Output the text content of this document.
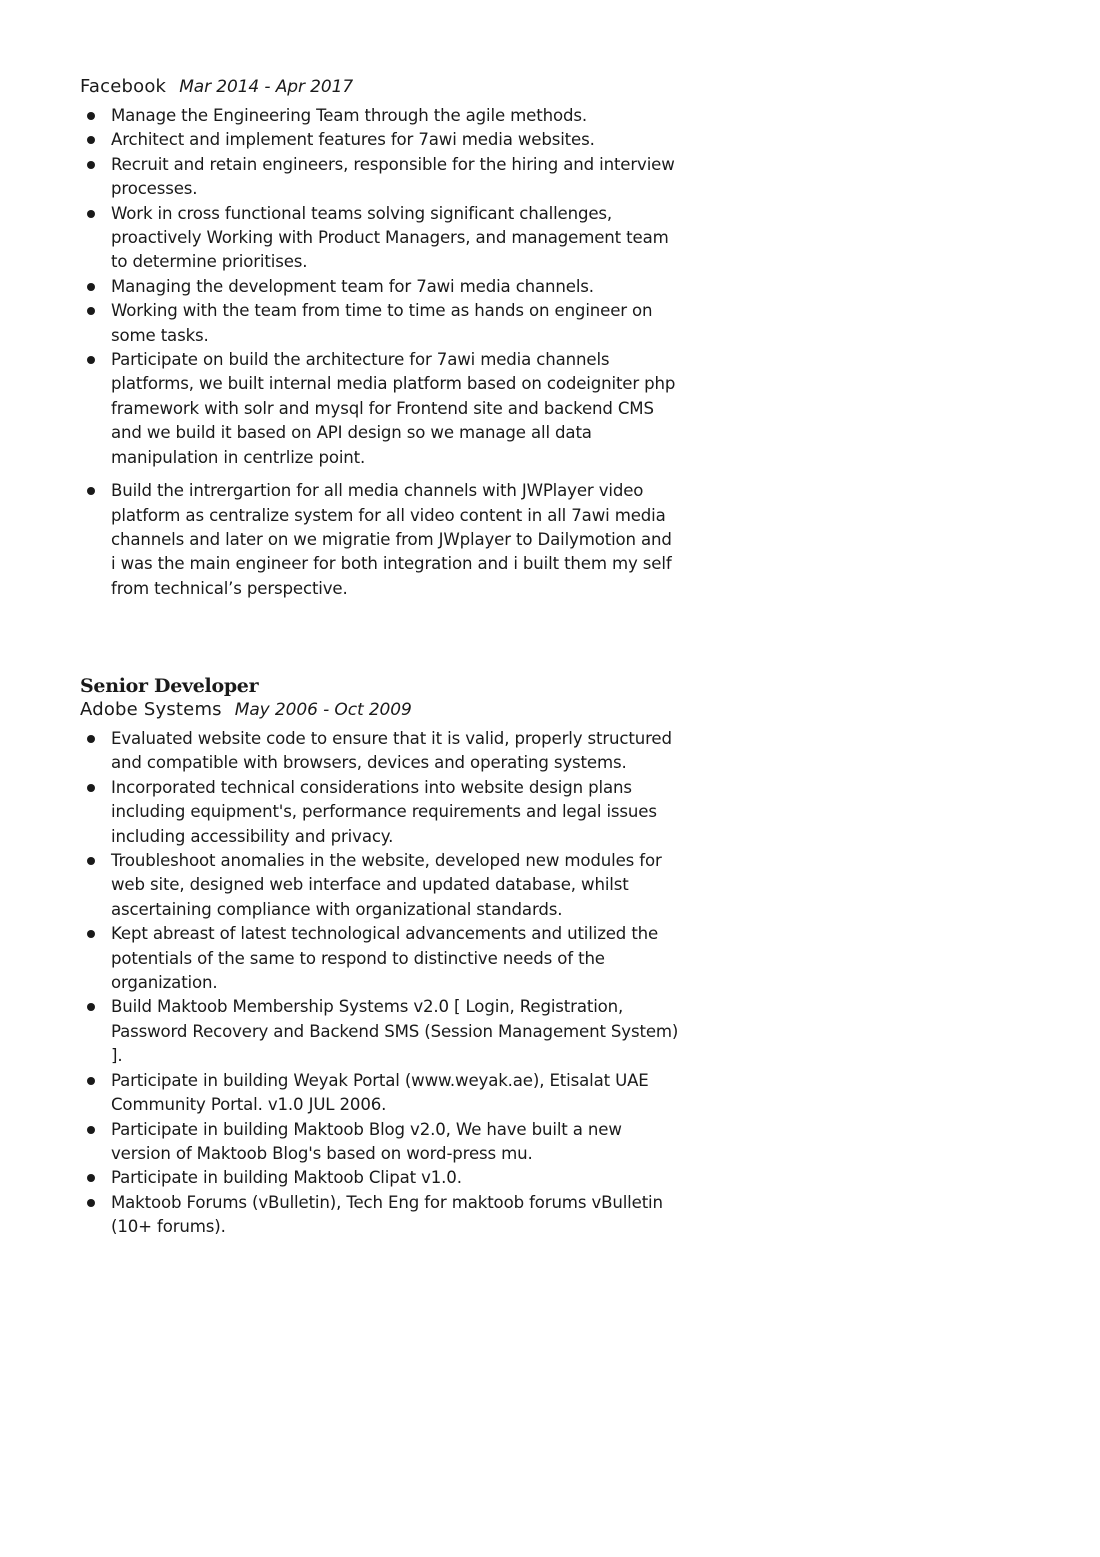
Facebook Mar 2014 - Apr 2017
Manage the Engineering Team through the agile methods.
Architect and implement features for 7awi media websites.
Recruit and retain engineers, responsible for the hiring and interview processes.
Work in cross functional teams solving significant challenges, proactively Working with Product Managers, and management team to determine prioritises.
Managing the development team for 7awi media channels.
Working with the team from time to time as hands on engineer on some tasks.
Participate on build the architecture for 7awi media channels platforms, we built internal media platform based on codeigniter php framework with solr and mysql for Frontend site and backend CMS and we build it based on API design so we manage all data manipulation in centrlize point.
Build the intrergartion for all media channels with JWPlayer video platform as centralize system for all video content in all 7awi media channels and later on we migratie from JWplayer to Dailymotion and i was the main engineer for both integration and i built them my self from technical’s perspective.
Senior Developer
Adobe Systems May 2006 - Oct 2009
Evaluated website code to ensure that it is valid, properly structured and compatible with browsers, devices and operating systems.
Incorporated technical considerations into website design plans including equipment's, performance requirements and legal issues including accessibility and privacy.
Troubleshoot anomalies in the website, developed new modules for web site, designed web interface and updated database, whilst ascertaining compliance with organizational standards.
Kept abreast of latest technological advancements and utilized the potentials of the same to respond to distinctive needs of the organization.
Build Maktoob Membership Systems v2.0 [ Login, Registration, Password Recovery and Backend SMS (Session Management System) ].
Participate in building Weyak Portal (www.weyak.ae), Etisalat UAE Community Portal. v1.0 JUL 2006.
Participate in building Maktoob Blog v2.0, We have built a new version of Maktoob Blog's based on word-press mu.
Participate in building Maktoob Clipat v1.0.
Maktoob Forums (vBulletin), Tech Eng for maktoob forums vBulletin (10+ forums).
